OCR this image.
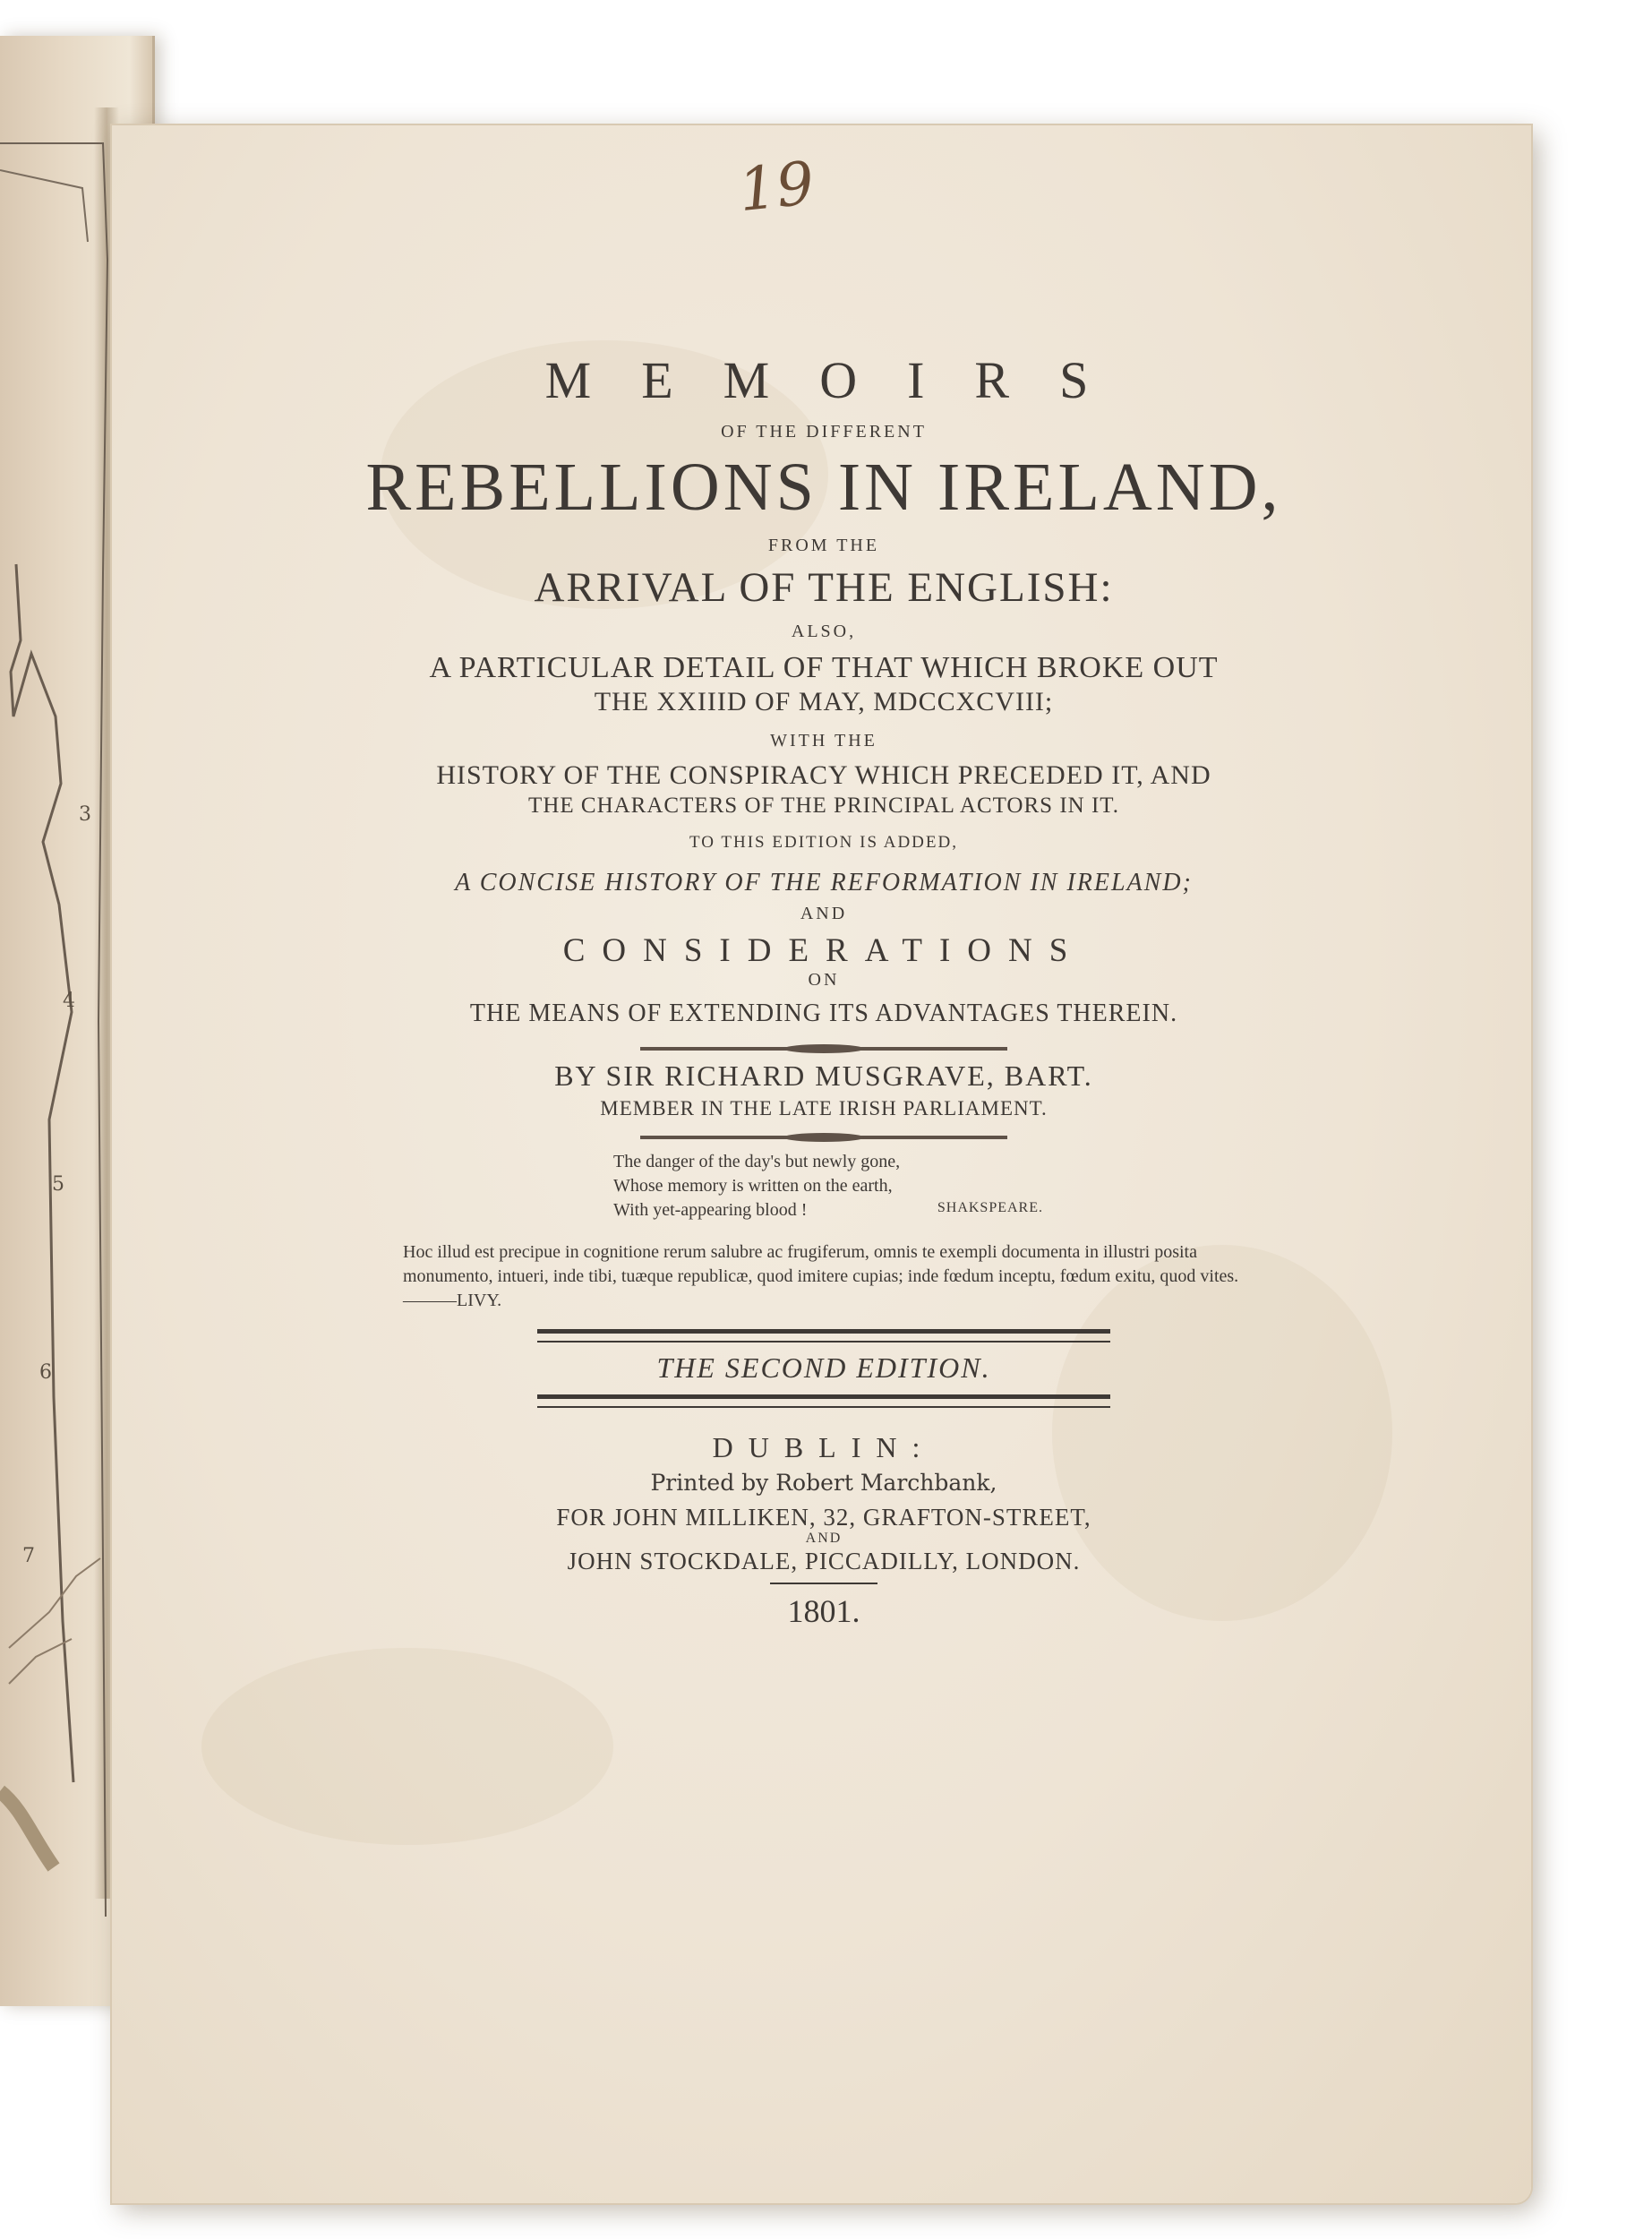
3
4
5
6
7
19

MEMOIRS

OF THE DIFFERENT

REBELLIONS IN IRELAND,

FROM THE

ARRIVAL OF THE ENGLISH:

ALSO,

A PARTICULAR DETAIL OF THAT WHICH BROKE OUT

THE XXIIID OF MAY, MDCCXCVIII;

WITH THE

HISTORY OF THE CONSPIRACY WHICH PRECEDED IT, AND

THE CHARACTERS OF THE PRINCIPAL ACTORS IN IT.

TO THIS EDITION IS ADDED,

A CONCISE HISTORY OF THE REFORMATION IN IRELAND;

AND

CONSIDERATIONS

ON

THE MEANS OF EXTENDING ITS ADVANTAGES THEREIN.

BY SIR RICHARD MUSGRAVE, BART.

MEMBER IN THE LATE IRISH PARLIAMENT.

The danger of the day's but newly gone,
Whose memory is written on the earth,
With yet-appearing blood !	SHAKSPEARE.
Hoc illud est precipue in cognitione rerum salubre ac frugiferum, omnis te exempli documenta in illustri posita monumento, intueri, inde tibi, tuæque republicæ, quod imitere cupias; inde fœdum inceptu, fœdum exitu, quod vites.———LIVY.

THE SECOND EDITION.

DUBLIN:

Printed by Robert Marchbank,

FOR JOHN MILLIKEN, 32, GRAFTON-STREET,

AND

JOHN STOCKDALE, PICCADILLY, LONDON.

1801.
